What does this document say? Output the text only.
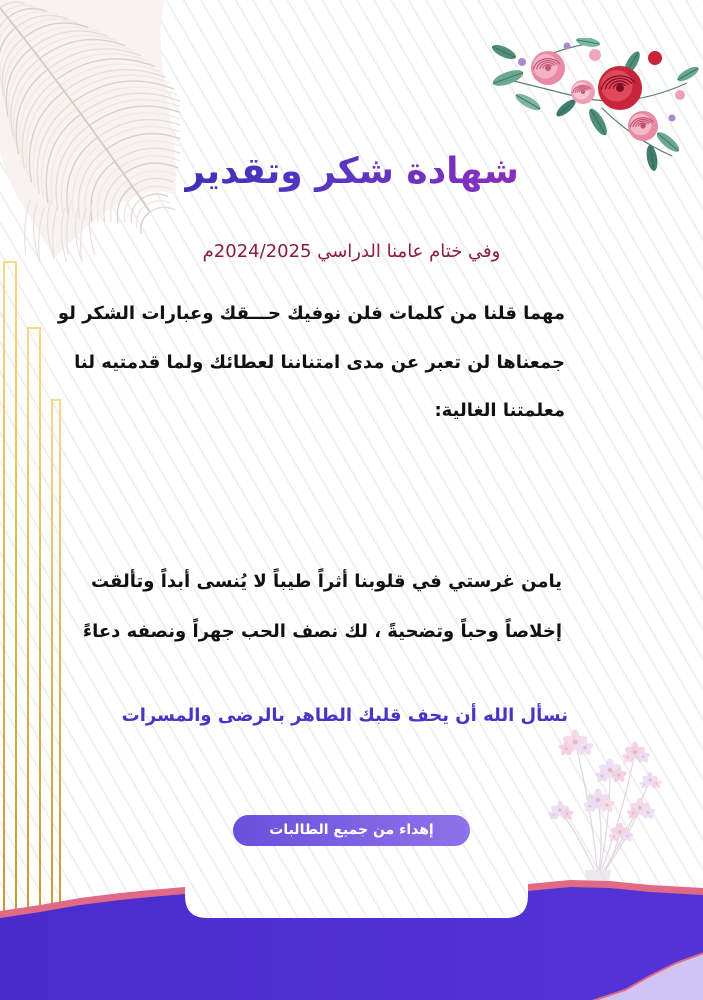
شهادة شكر وتقدير
وفي ختام عامنا الدراسي 2024/2025م
مهما قلنا من كلمات فلن نوفيك حـــقك وعبارات الشكر لو
جمعناها لن تعبر عن مدى امتناننا لعطائك ولما قدمتيه لنا
معلمتنا الغالية:
يامن غرستي في قلوبنا أثراً طيباً لا يُنسى أبداً وتألقت
إخلاصاً وحباً وتضحيةً ، لك نصف الحب جهراً ونصفه دعاءً
نسأل الله أن يحف قلبك الطاهر بالرضى والمسرات
إهداء من جميع الطالبات
